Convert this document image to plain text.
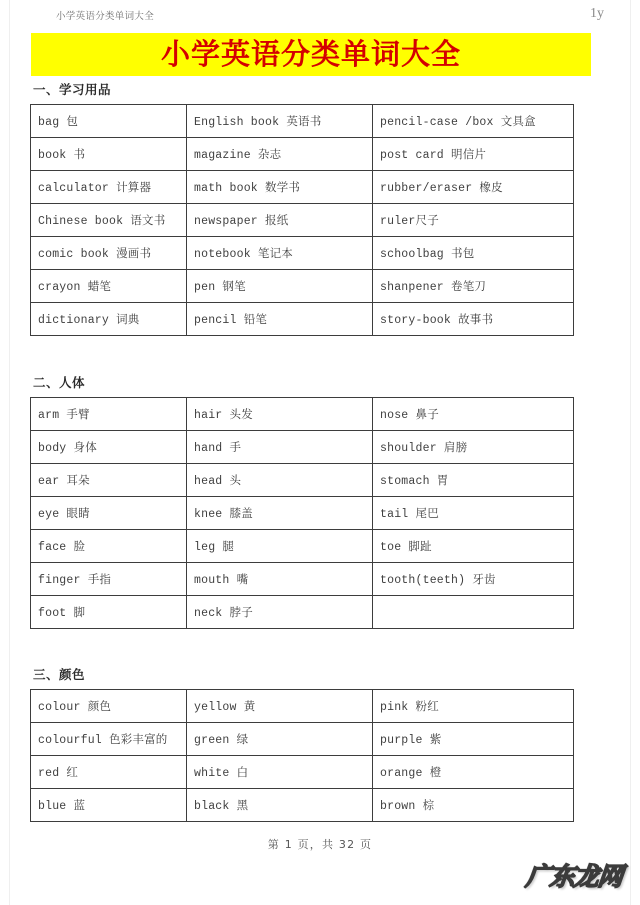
小学英语分类单词大全	1y
小学英语分类单词大全
一、学习用品
bag 包	English book 英语书	pencil-case /box 文具盒
book 书	magazine 杂志	post card 明信片
calculator 计算器	math book 数学书	rubber/eraser 橡皮
Chinese book 语文书	newspaper 报纸	ruler尺子
comic book 漫画书	notebook 笔记本	schoolbag 书包
crayon 蜡笔	pen 钢笔	shanpener 卷笔刀
dictionary 词典	pencil 铅笔	story-book 故事书
二、人体
arm 手臂	hair 头发	nose 鼻子
body 身体	hand 手	shoulder 肩膀
ear 耳朵	head 头	stomach 胃
eye 眼睛	knee 膝盖	tail 尾巴
face 脸	leg 腿	toe 脚趾
finger 手指	mouth 嘴	tooth(teeth) 牙齿
foot 脚	neck 脖子	
三、颜色
colour 颜色	yellow 黄	pink 粉红
colourful 色彩丰富的	green 绿	purple 紫
red 红	white 白	orange 橙
blue 蓝	black 黑	brown 棕
第 1 页，共 32 页
广东龙网
